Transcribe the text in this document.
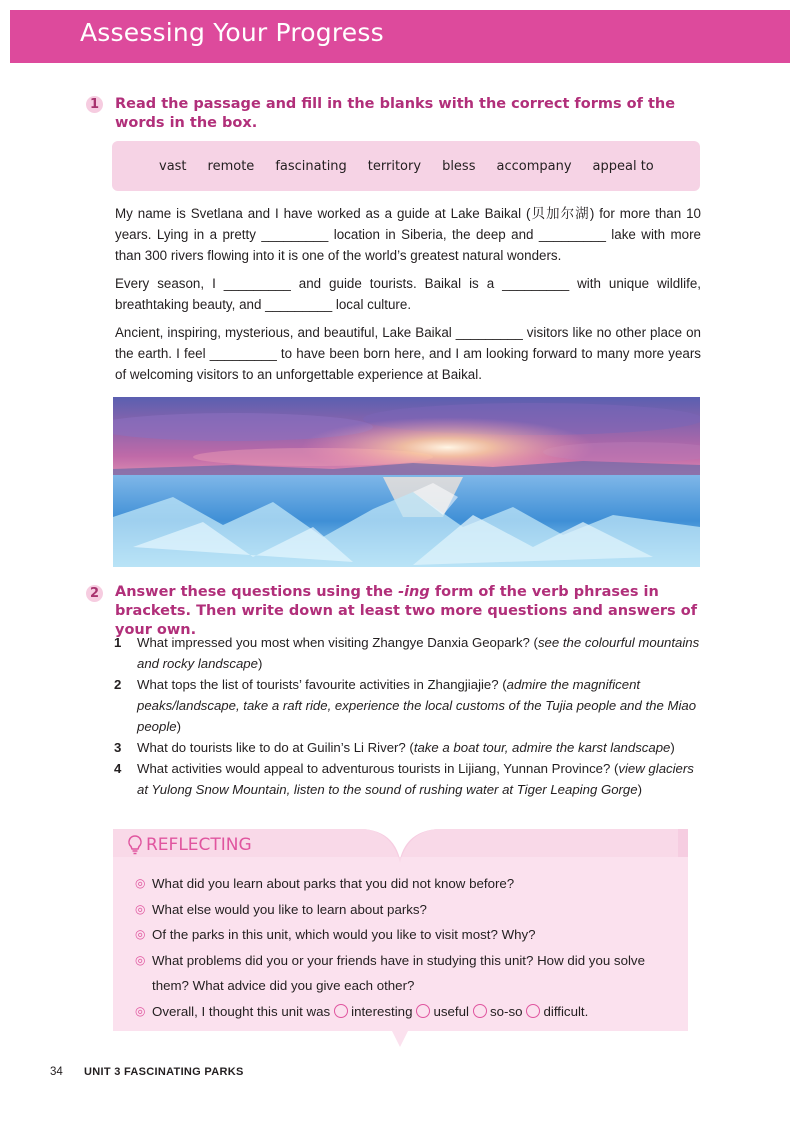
Assessing Your Progress
1 Read the passage and fill in the blanks with the correct forms of the words in the box.
vast remote fascinating territory bless accompany appeal to

My name is Svetlana and I have worked as a guide at Lake Baikal (贝加尔湖) for more than 10 years. Lying in a pretty _________ location in Siberia, the deep and _________ lake with more than 300 rivers flowing into it is one of the world’s greatest natural wonders.

Every season, I _________ and guide tourists. Baikal is a _________ with unique wildlife, breathtaking beauty, and _________ local culture.

Ancient, inspiring, mysterious, and beautiful, Lake Baikal _________ visitors like no other place on the earth. I feel _________ to have been born here, and I am looking forward to many more years of welcoming visitors to an unforgettable experience at Baikal.

2 Answer these questions using the -ing form of the verb phrases in brackets. Then write down at least two more questions and answers of your own.
1	What impressed you most when visiting Zhangye Danxia Geopark? (see the colourful mountains and rocky landscape)
2	What tops the list of tourists’ favourite activities in Zhangjiajie? (admire the magnificent peaks/landscape, take a raft ride, experience the local customs of the Tujia people and the Miao people)
3	What do tourists like to do at Guilin’s Li River? (take a boat tour, admire the karst landscape)
4	What activities would appeal to adventurous tourists in Lijiang, Yunnan Province? (view glaciers at Yulong Snow Mountain, listen to the sound of rushing water at Tiger Leaping Gorge)
REFLECTING
◎ What did you learn about parks that you did not know before?
◎ What else would you like to learn about parks?
◎ Of the parks in this unit, which would you like to visit most? Why?
◎ What problems did you or your friends have in studying this unit? How did you solve them? What advice did you give each other?
◎ Overall, I thought this unit was interesting useful so-so difficult.
34 UNIT 3 FASCINATING PARKS
